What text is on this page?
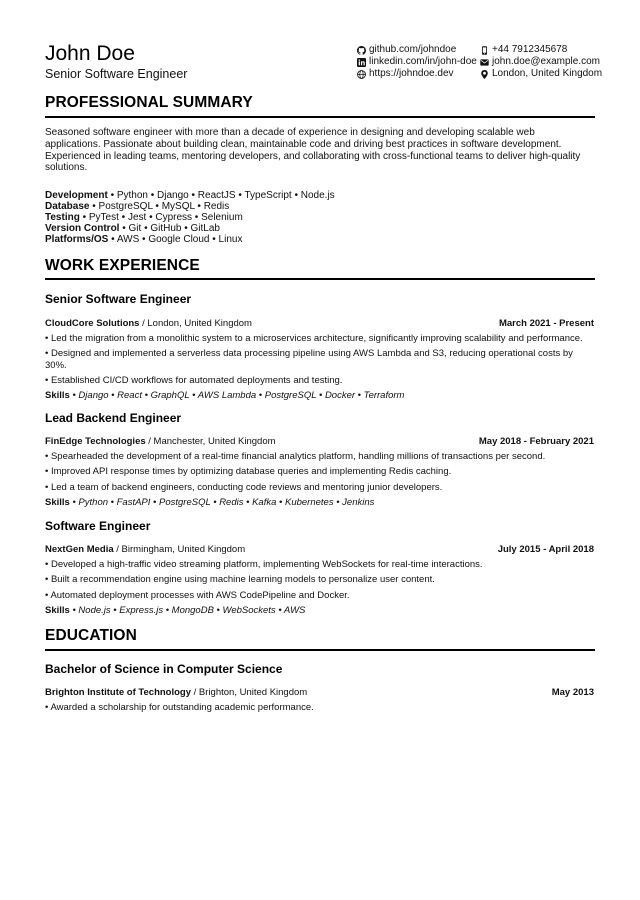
John Doe
Senior Software Engineer
github.com/johndoe
linkedin.com/in/john-doe
https://johndoe.dev
+44 7912345678
john.doe@example.com
London, United Kingdom
PROFESSIONAL SUMMARY
Seasoned software engineer with more than a decade of experience in designing and developing scalable web applications. Passionate about building clean, maintainable code and driving best practices in software development. Experienced in leading teams, mentoring developers, and collaborating with cross-functional teams to deliver high-quality solutions.
Development • Python • Django • ReactJS • TypeScript • Node.js
Database • PostgreSQL • MySQL • Redis
Testing • PyTest • Jest • Cypress • Selenium
Version Control • Git • GitHub • GitLab
Platforms/OS • AWS • Google Cloud • Linux
WORK EXPERIENCE
Senior Software Engineer
CloudCore Solutions / London, United Kingdom	March 2021 - Present
• Led the migration from a monolithic system to a microservices architecture, significantly improving scalability and performance.
• Designed and implemented a serverless data processing pipeline using AWS Lambda and S3, reducing operational costs by 30%.
• Established CI/CD workflows for automated deployments and testing.
Skills • Django • React • GraphQL • AWS Lambda • PostgreSQL • Docker • Terraform
Lead Backend Engineer
FinEdge Technologies / Manchester, United Kingdom	May 2018 - February 2021
• Spearheaded the development of a real-time financial analytics platform, handling millions of transactions per second.
• Improved API response times by optimizing database queries and implementing Redis caching.
• Led a team of backend engineers, conducting code reviews and mentoring junior developers.
Skills • Python • FastAPI • PostgreSQL • Redis • Kafka • Kubernetes • Jenkins
Software Engineer
NextGen Media / Birmingham, United Kingdom	July 2015 - April 2018
• Developed a high-traffic video streaming platform, implementing WebSockets for real-time interactions.
• Built a recommendation engine using machine learning models to personalize user content.
• Automated deployment processes with AWS CodePipeline and Docker.
Skills • Node.js • Express.js • MongoDB • WebSockets • AWS
EDUCATION
Bachelor of Science in Computer Science
Brighton Institute of Technology / Brighton, United Kingdom	May 2013
• Awarded a scholarship for outstanding academic performance.
